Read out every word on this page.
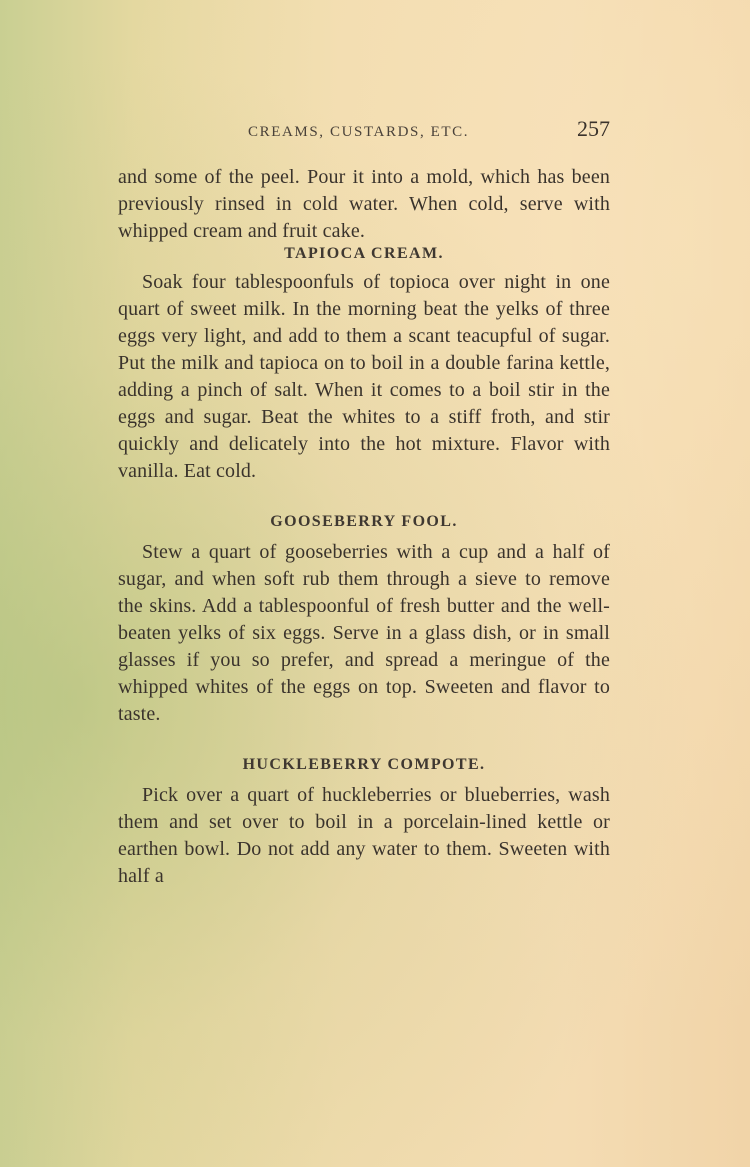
CREAMS, CUSTARDS, ETC.	257

and some of the peel. Pour it into a mold, which has been previously rinsed in cold water. When cold, serve with whipped cream and fruit cake.

TAPIOCA CREAM.

Soak four tablespoonfuls of topioca over night in one quart of sweet milk. In the morning beat the yelks of three eggs very light, and add to them a scant teacupful of sugar. Put the milk and tapioca on to boil in a double farina kettle, adding a pinch of salt. When it comes to a boil stir in the eggs and sugar. Beat the whites to a stiff froth, and stir quickly and delicately into the hot mixture. Flavor with vanilla. Eat cold.

GOOSEBERRY FOOL.

Stew a quart of gooseberries with a cup and a half of sugar, and when soft rub them through a sieve to remove the skins. Add a tablespoonful of fresh butter and the well-beaten yelks of six eggs. Serve in a glass dish, or in small glasses if you so prefer, and spread a meringue of the whipped whites of the eggs on top. Sweeten and flavor to taste.

HUCKLEBERRY COMPOTE.

Pick over a quart of huckleberries or blueberries, wash them and set over to boil in a porcelain-lined kettle or earthen bowl. Do not add any water to them. Sweeten with half a
